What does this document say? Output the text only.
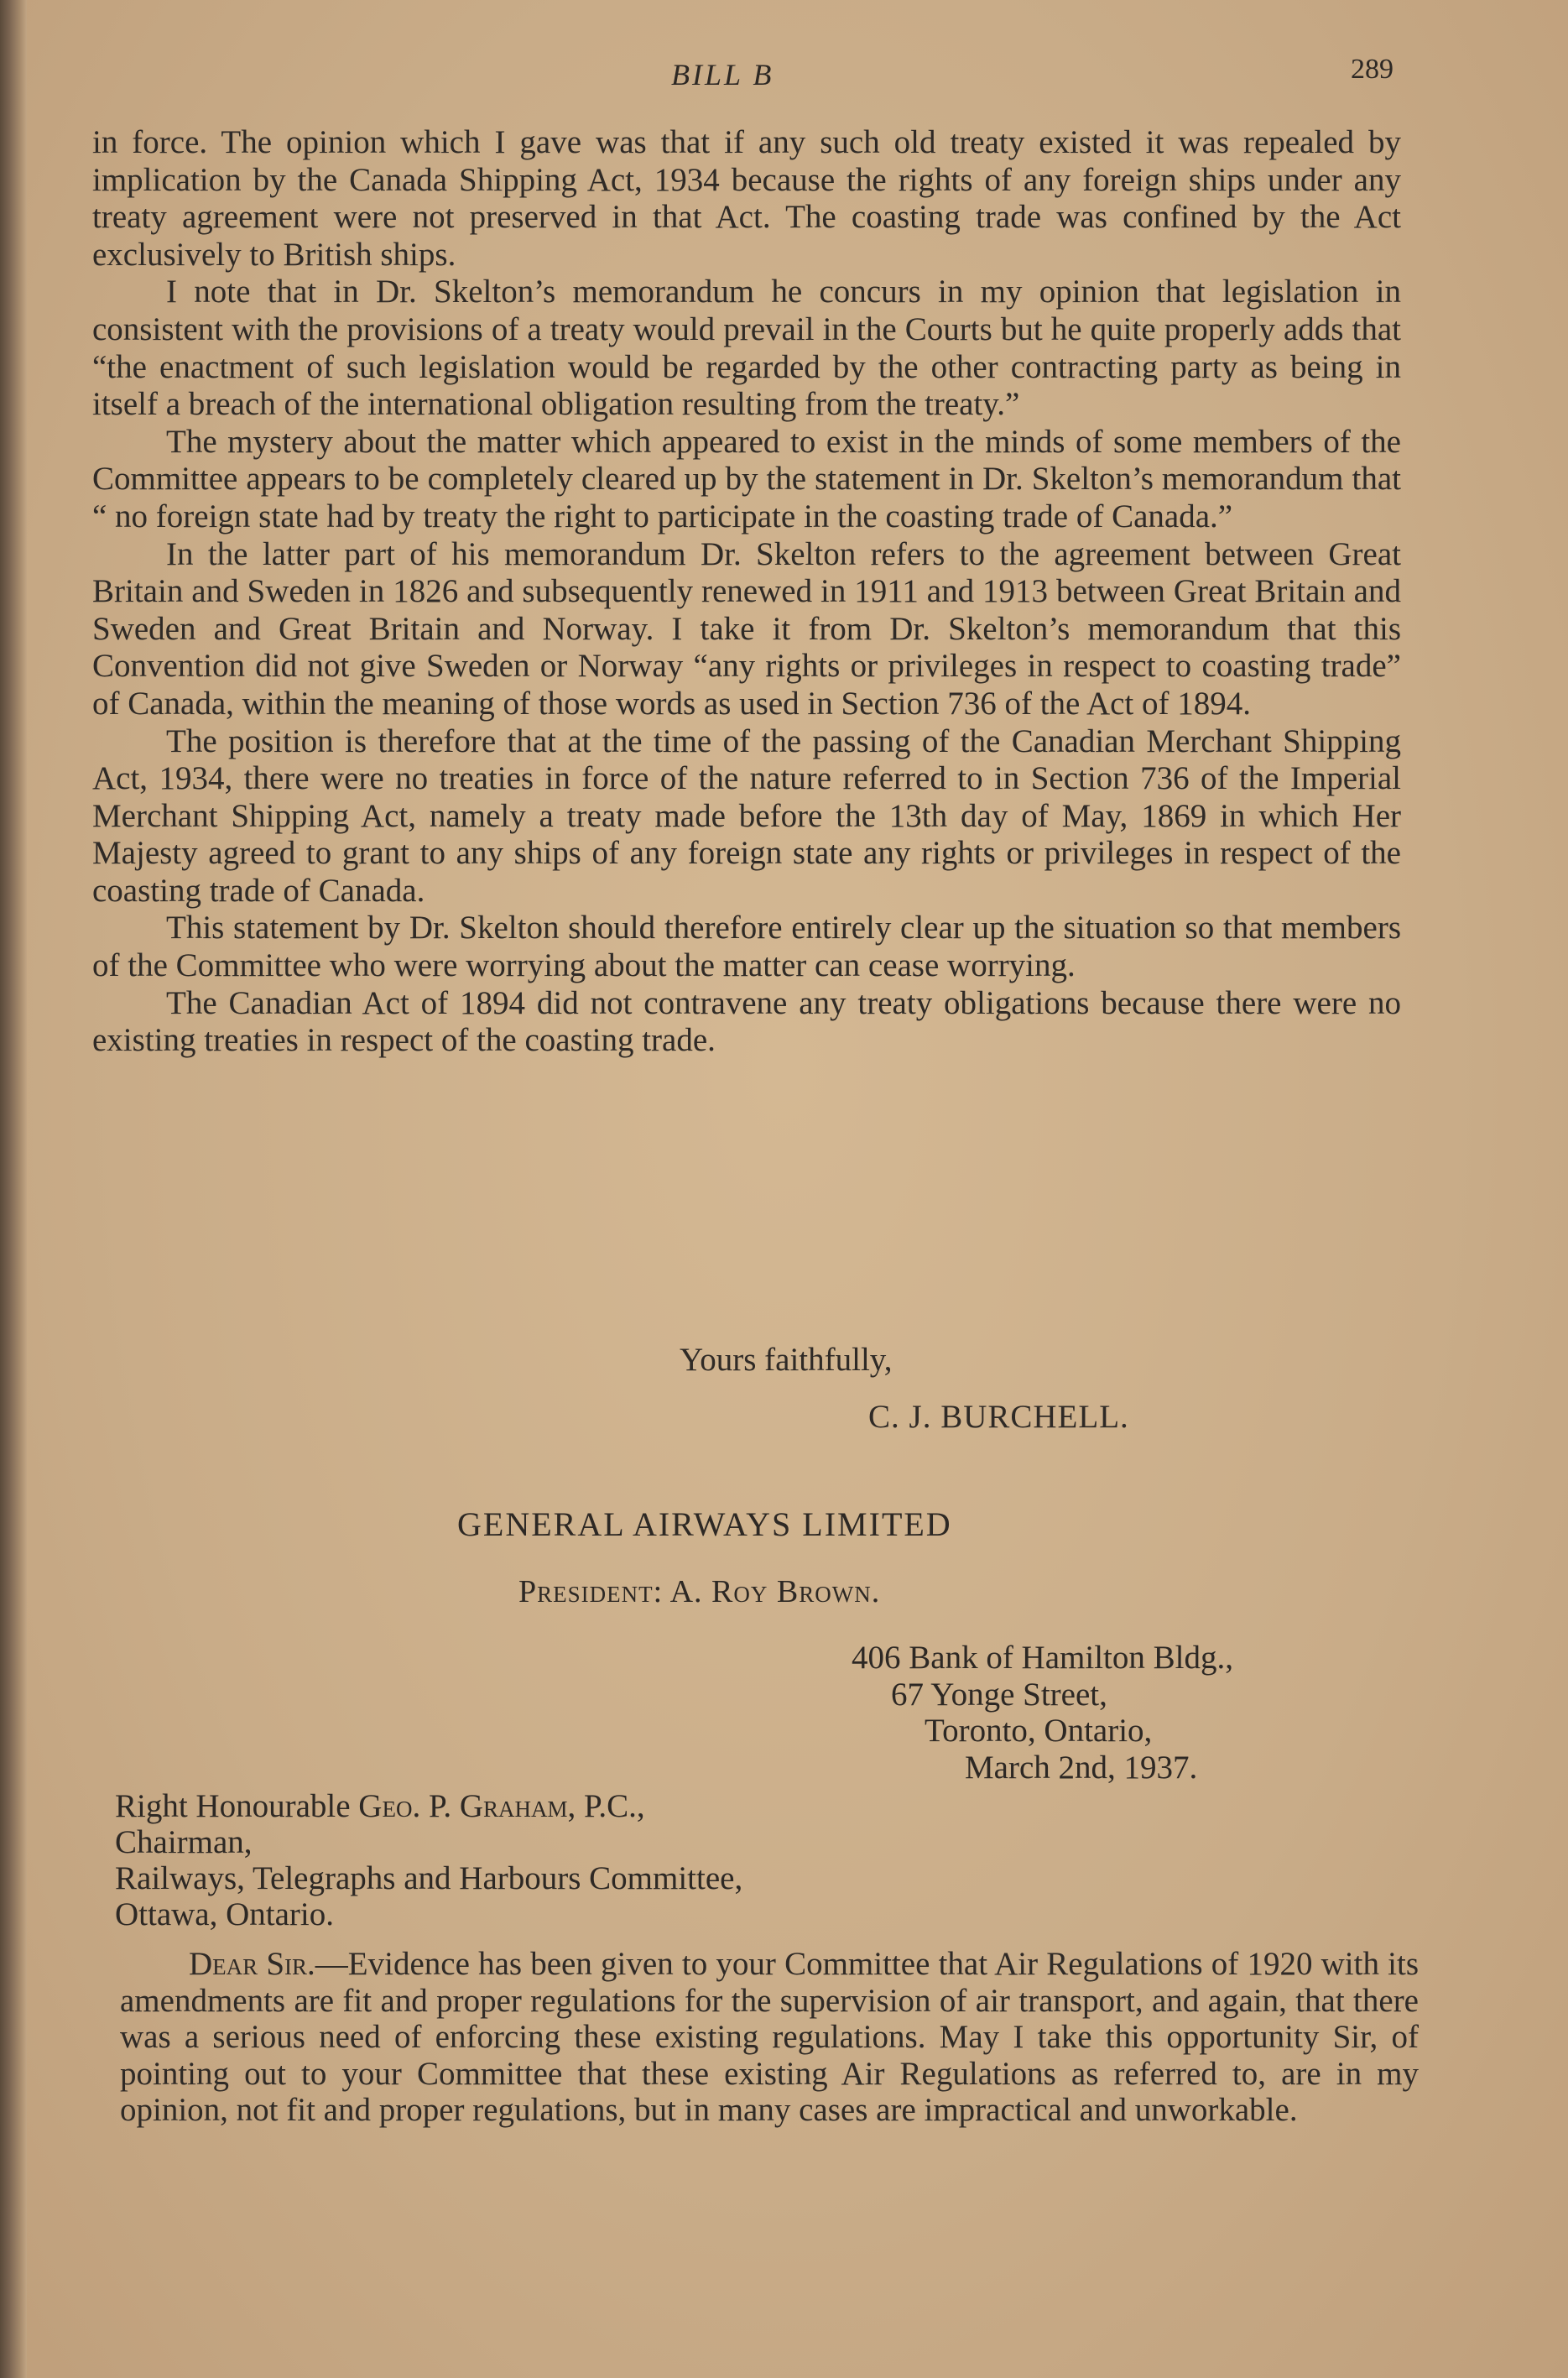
BILL B	289

in force. The opinion which I gave was that if any such old treaty existed it was repealed by implication by the Canada Shipping Act, 1934 because the rights of any foreign ships under any treaty agreement were not preserved in that Act. The coasting trade was confined by the Act exclusively to British ships.

I note that in Dr. Skelton’s memorandum he concurs in my opinion that legislation in consistent with the provisions of a treaty would prevail in the Courts but he quite properly adds that “the enactment of such legislation would be regarded by the other contracting party as being in itself a breach of the international obligation resulting from the treaty.”

The mystery about the matter which appeared to exist in the minds of some members of the Committee appears to be completely cleared up by the statement in Dr. Skelton’s memorandum that “ no foreign state had by treaty the right to participate in the coasting trade of Canada.”

In the latter part of his memorandum Dr. Skelton refers to the agreement between Great Britain and Sweden in 1826 and subsequently renewed in 1911 and 1913 between Great Britain and Sweden and Great Britain and Norway. I take it from Dr. Skelton’s memorandum that this Convention did not give Sweden or Norway “any rights or privileges in respect to coasting trade” of Canada, within the meaning of those words as used in Section 736 of the Act of 1894.

The position is therefore that at the time of the passing of the Canadian Merchant Shipping Act, 1934, there were no treaties in force of the nature referred to in Section 736 of the Imperial Merchant Shipping Act, namely a treaty made before the 13th day of May, 1869 in which Her Majesty agreed to grant to any ships of any foreign state any rights or privileges in respect of the coasting trade of Canada.

This statement by Dr. Skelton should therefore entirely clear up the situation so that members of the Committee who were worrying about the matter can cease worrying.

The Canadian Act of 1894 did not contravene any treaty obligations because there were no existing treaties in respect of the coasting trade.

Yours faithfully,
C. J. BURCHELL.
GENERAL AIRWAYS LIMITED
President: A. Roy Brown.
406 Bank of Hamilton Bldg.,
67 Yonge Street,
Toronto, Ontario,
March 2nd, 1937.
Right Honourable Geo. P. Graham, P.C.,
Chairman,
Railways, Telegraphs and Harbours Committee,
Ottawa, Ontario.
Dear Sir.—Evidence has been given to your Committee that Air Regulations of 1920 with its amendments are fit and proper regulations for the supervision of air transport, and again, that there was a serious need of enforcing these existing regulations. May I take this opportunity Sir, of pointing out to your Committee that these existing Air Regulations as referred to, are in my opinion, not fit and proper regulations, but in many cases are impractical and unworkable.
